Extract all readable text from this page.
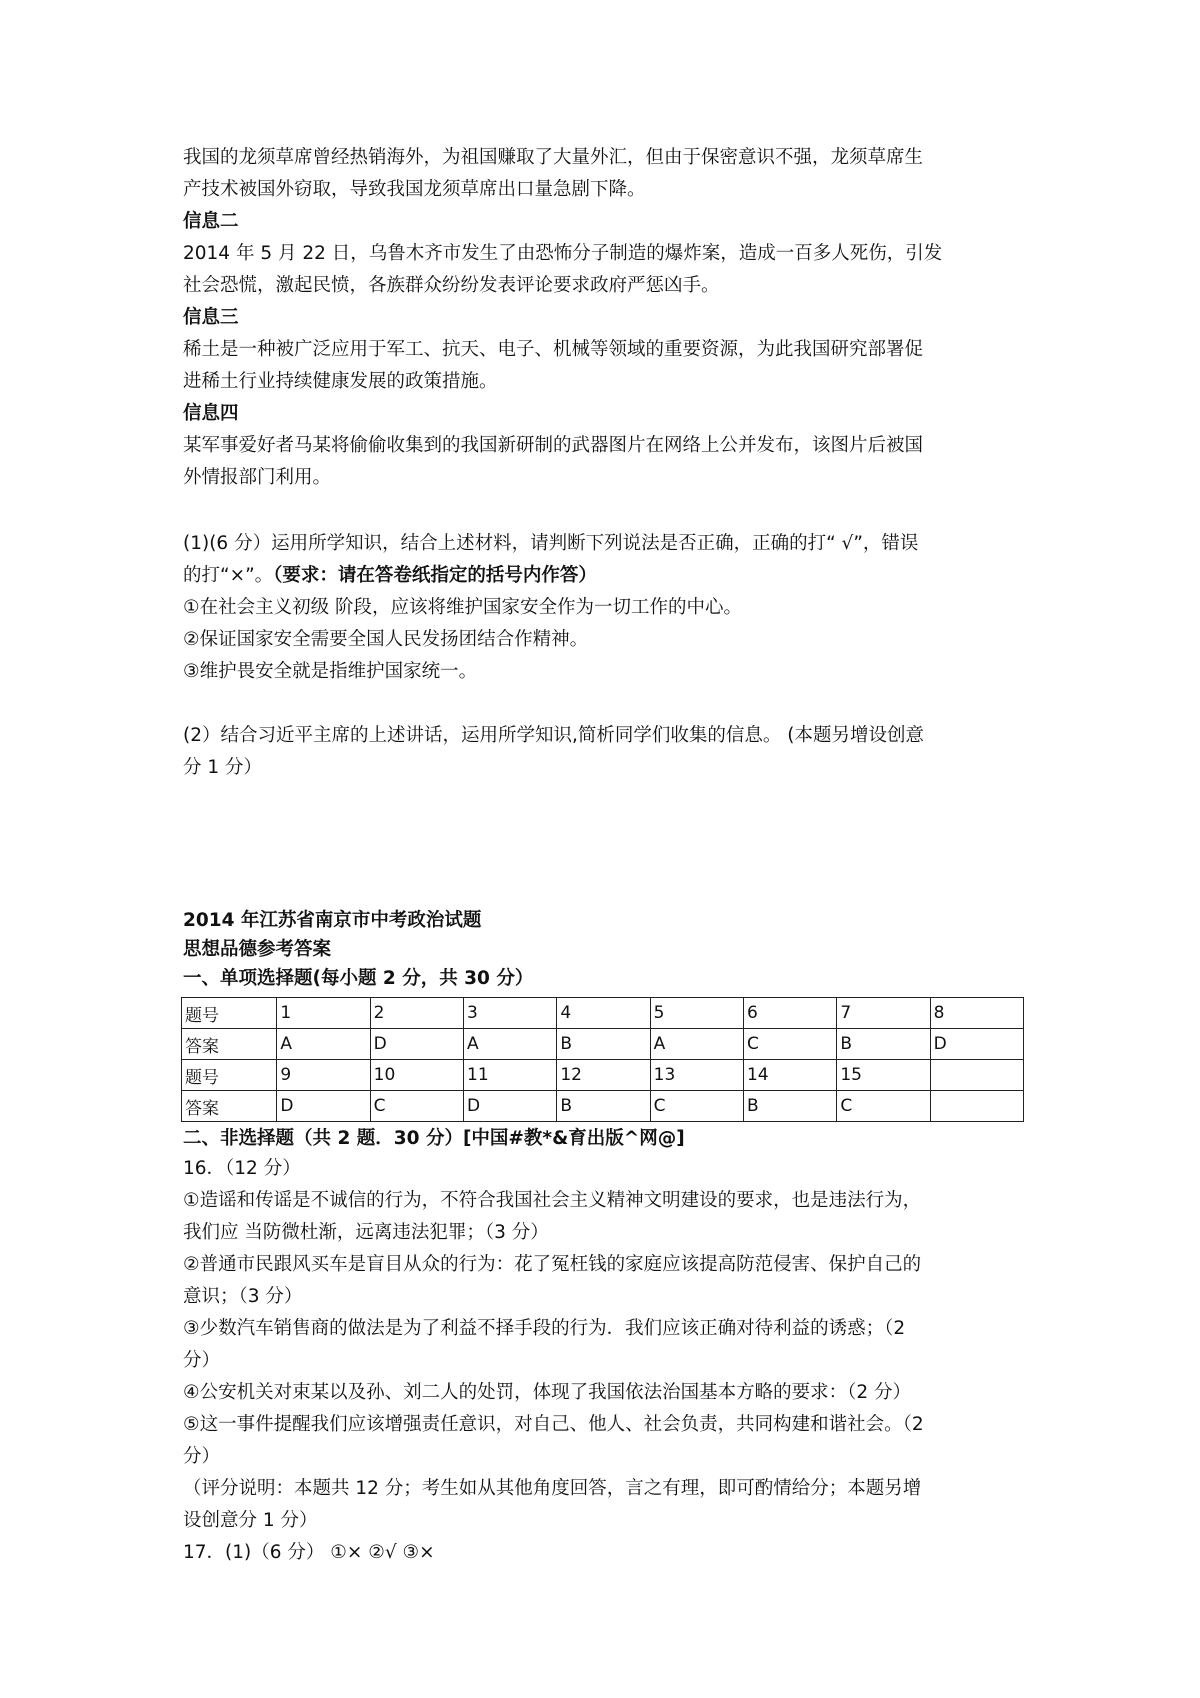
我国的龙须草席曾经热销海外，为祖国赚取了大量外汇，但由于保密意识不强，龙须草席生
产技术被国外窃取，导致我国龙须草席出口量急剧下降。
信息二
2014 年 5 月 22 日，乌鲁木齐市发生了由恐怖分子制造的爆炸案，造成一百多人死伤，引发
社会恐慌，激起民愤，各族群众纷纷发表评论要求政府严惩凶手。
信息三
稀土是一种被广泛应用于军工、抗天、电子、机械等领域的重要资源，为此我国研究部署促
进稀土行业持续健康发展的政策措施。
信息四
某军事爱好者马某将偷偷收集到的我国新研制的武器图片在网络上公并发布，该图片后被国
外情报部门利用。
(1)(6 分）运用所学知识，结合上述材料，请判断下列说法是否正确，正确的打“ √”，错误
的打“×”。（要求：请在答卷纸指定的括号内作答）
①在社会主义初级 阶段，应该将维护国家安全作为一切工作的中心。
②保证国家安全需要全国人民发扬团结合作精神。
③维护畏安全就是指维护国家统一。
(2）结合习近平主席的上述讲话，运用所学知识,简析同学们收集的信息。 (本题另增设创意
分 1 分）
2014 年江苏省南京市中考政治试题
思想品德参考答案
一、单项选择题(每小题 2 分，共 30 分）
题号	1	2	3	4	5	6	7	8
答案	A	D	A	B	A	C	B	D
题号	9	10	11	12	13	14	15	
答案	D	C	D	B	C	B	C	
二、非选择题（共 2 题．30 分）[中国#教*&育出版^网@]
16．（12 分）
①造谣和传谣是不诚信的行为，不符合我国社会主义精神文明建设的要求，也是违法行为，
我们应 当防微杜渐，远离违法犯罪；（3 分）
②普通市民跟风买车是盲目从众的行为：花了冤枉钱的家庭应该提高防范侵害、保护自己的
意识；（3 分）
③少数汽车销售商的做法是为了利益不择手段的行为．我们应该正确对待利益的诱惑；（2
分）
④公安机关对束某以及孙、刘二人的处罚，体现了我国依法治国基本方略的要求：（2 分）
⑤这一事件提醒我们应该增强责任意识，对自己、他人、社会负责，共同构建和谐社会。（2
分）
（评分说明：本题共 12 分；考生如从其他角度回答，言之有理，即可酌情给分；本题另增
设创意分 1 分）
17．(1)（6 分） ①× ②√ ③×
